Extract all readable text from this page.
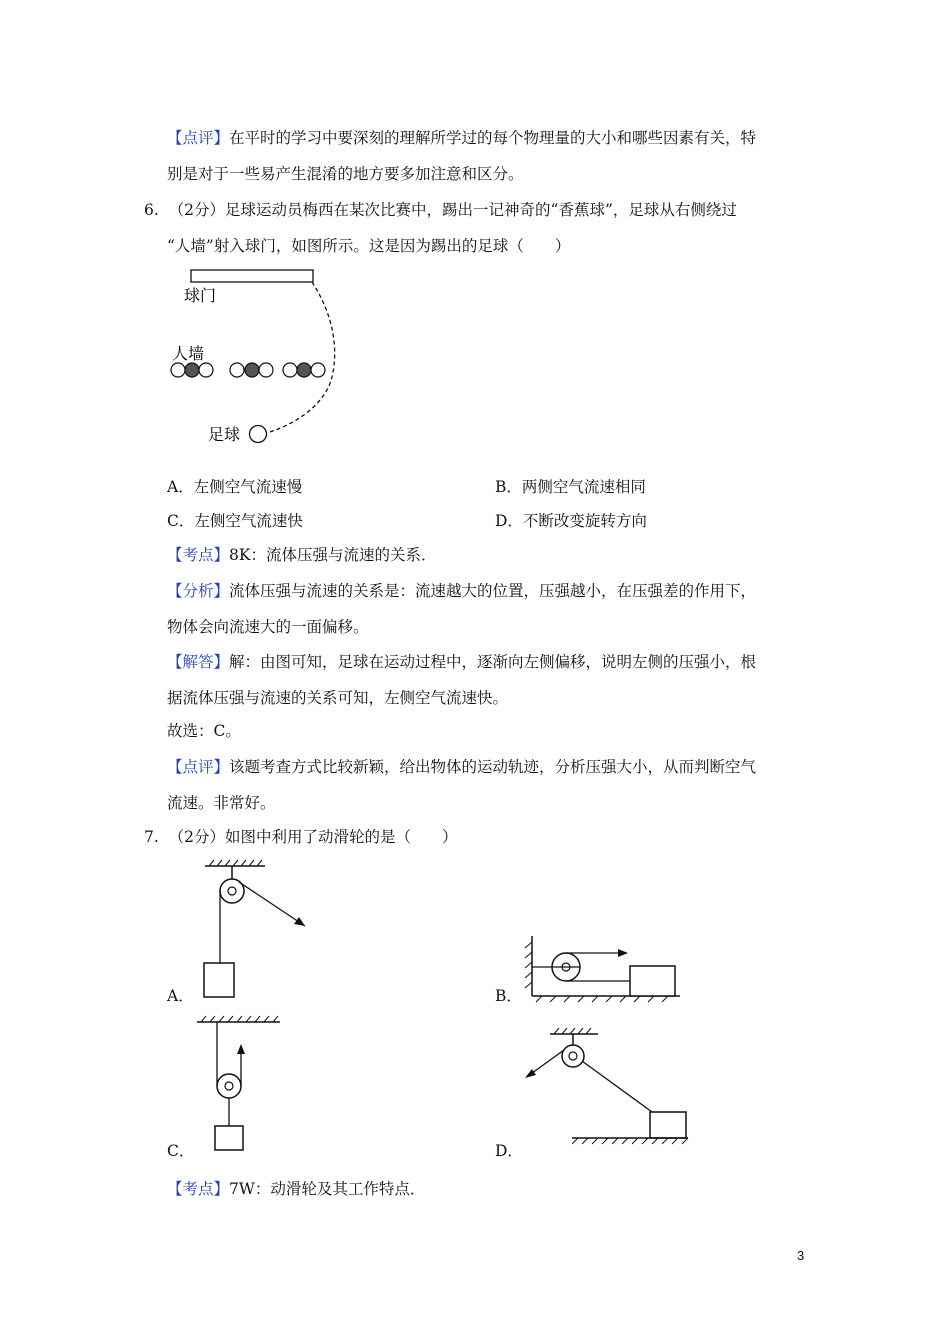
【点评】在平时的学习中要深刻的理解所学过的每个物理量的大小和哪些因素有关，特
别是对于一些易产生混淆的地方要多加注意和区分。
6. （2分）足球运动员梅西在某次比赛中，踢出一记神奇的“香蕉球”，足球从右侧绕过
“人墙”射入球门，如图所示。这是因为踢出的足球（　　）
球门
人墙
足球
A．左侧空气流速慢	B．两侧空气流速相同
C．左侧空气流速快	D．不断改变旋转方向
【考点】8K：流体压强与流速的关系．
【分析】流体压强与流速的关系是：流速越大的位置，压强越小，在压强差的作用下，
物体会向流速大的一面偏移。
【解答】解：由图可知，足球在运动过程中，逐渐向左侧偏移，说明左侧的压强小，根
据流体压强与流速的关系可知，左侧空气流速快。
故选：C。
【点评】该题考查方式比较新颖，给出物体的运动轨迹，分析压强大小，从而判断空气
流速。非常好。
7. （2分）如图中利用了动滑轮的是（　　）
A．	B．
C．	D．
【考点】7W：动滑轮及其工作特点．
3
